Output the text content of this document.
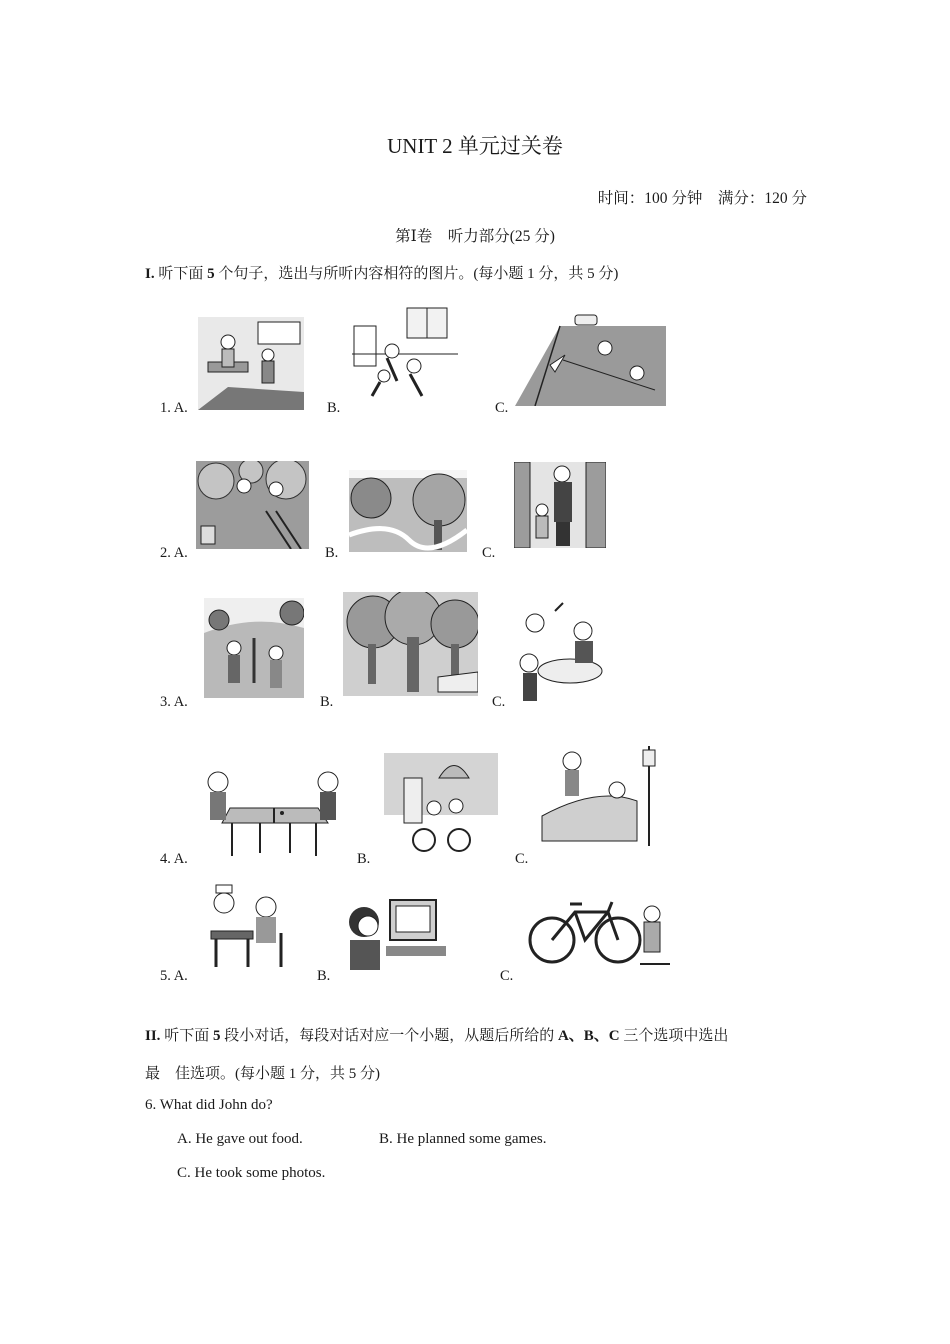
UNIT 2 单元过关卷
时间：100 分钟　满分：120 分
第Ⅰ卷　听力部分(25 分)
I. 听下面 5 个句子，选出与所听内容相符的图片。(每小题 1 分，共 5 分)
1. A.	B.	C.
2. A.	B.	C.
3. A.	B.	C.
4. A.	B.	C.
5. A.	B.	C.
II. 听下面 5 段小对话，每段对话对应一个小题，从题后所给的 A、B、C 三个选项中选出
最　佳选项。(每小题 1 分，共 5 分)
6. What did John do?
A. He gave out food.	B. He planned some games.
C. He took some photos.
